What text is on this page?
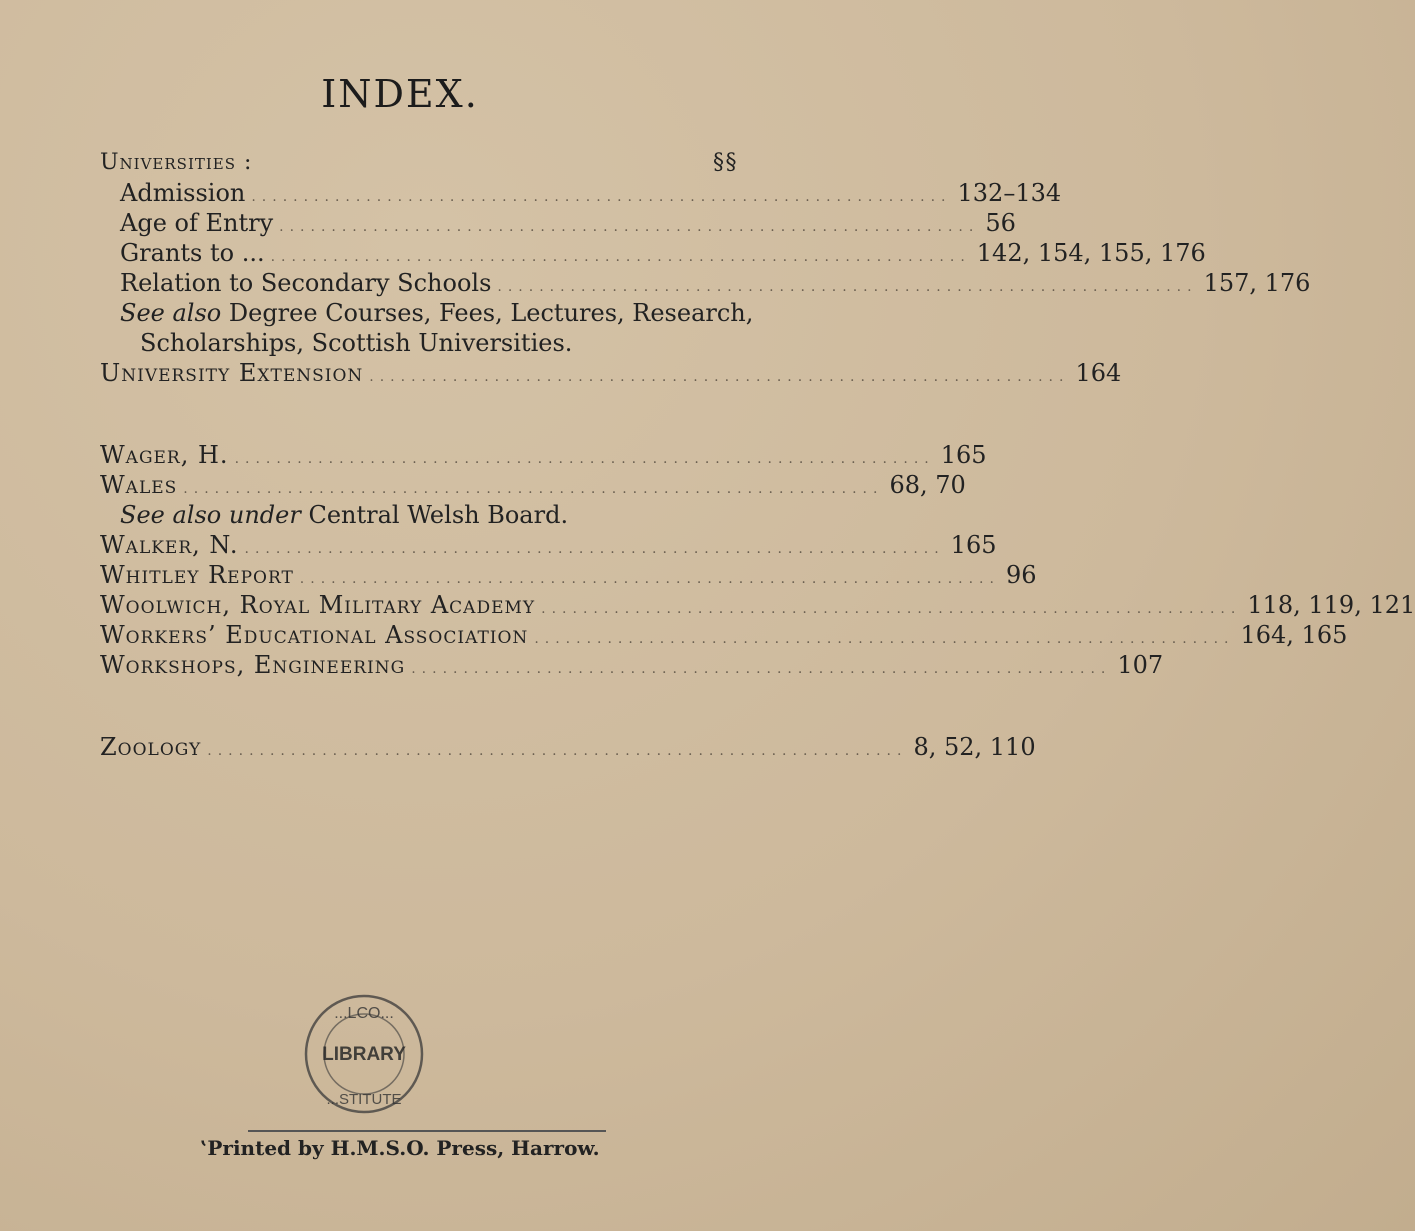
INDEX.
Universities :	§§
Admission ................................................................... 132–134
Age of Entry ................................................................... 56
Grants to ... ................................................................... 142, 154, 155, 176
Relation to Secondary Schools ................................................................... 157, 176
See also Degree Courses, Fees, Lectures, Research,
Scholarships, Scottish Universities.
University Extension ................................................................... 164
Wager, H. ................................................................... 165
Wales ................................................................... 68, 70
See also under Central Welsh Board.
Walker, N. ................................................................... 165
Whitley Report ................................................................... 96
Woolwich, Royal Military Academy ................................................................... 118, 119, 121
Workers’ Educational Association ................................................................... 164, 165
Workshops, Engineering ................................................................... 107
Zoology ................................................................... 8, 52, 110
...LCO...
LIBRARY
...STITUTE
‛Printed by H.M.S.O. Press, Harrow.
